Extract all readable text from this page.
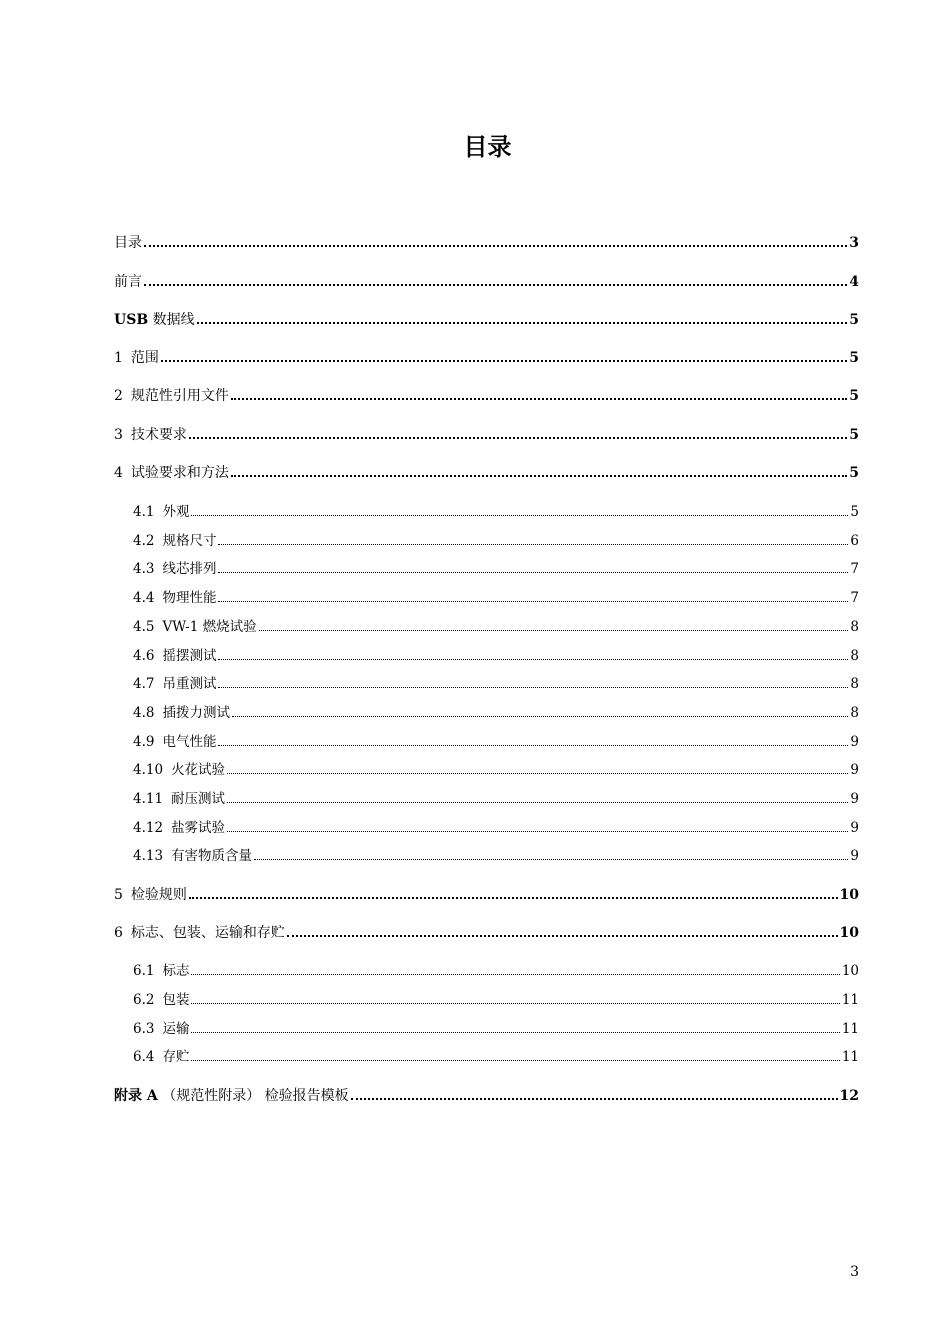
目录
目录	3
前言	4
USB 数据线	5
1 范围	5
2 规范性引用文件	5
3 技术要求	5
4 试验要求和方法	5
4.1 外观	5
4.2 规格尺寸	6
4.3 线芯排列	7
4.4 物理性能	7
4.5 VW-1 燃烧试验	8
4.6 摇摆测试	8
4.7 吊重测试	8
4.8 插拨力测试	8
4.9 电气性能	9
4.10 火花试验	9
4.11 耐压测试	9
4.12 盐雾试验	9
4.13 有害物质含量	9
5 检验规则	10
6 标志、包装、运输和存贮	10
6.1 标志	10
6.2 包装	11
6.3 运输	11
6.4 存贮	11
附录 A （规范性附录） 检验报告模板	12
3
